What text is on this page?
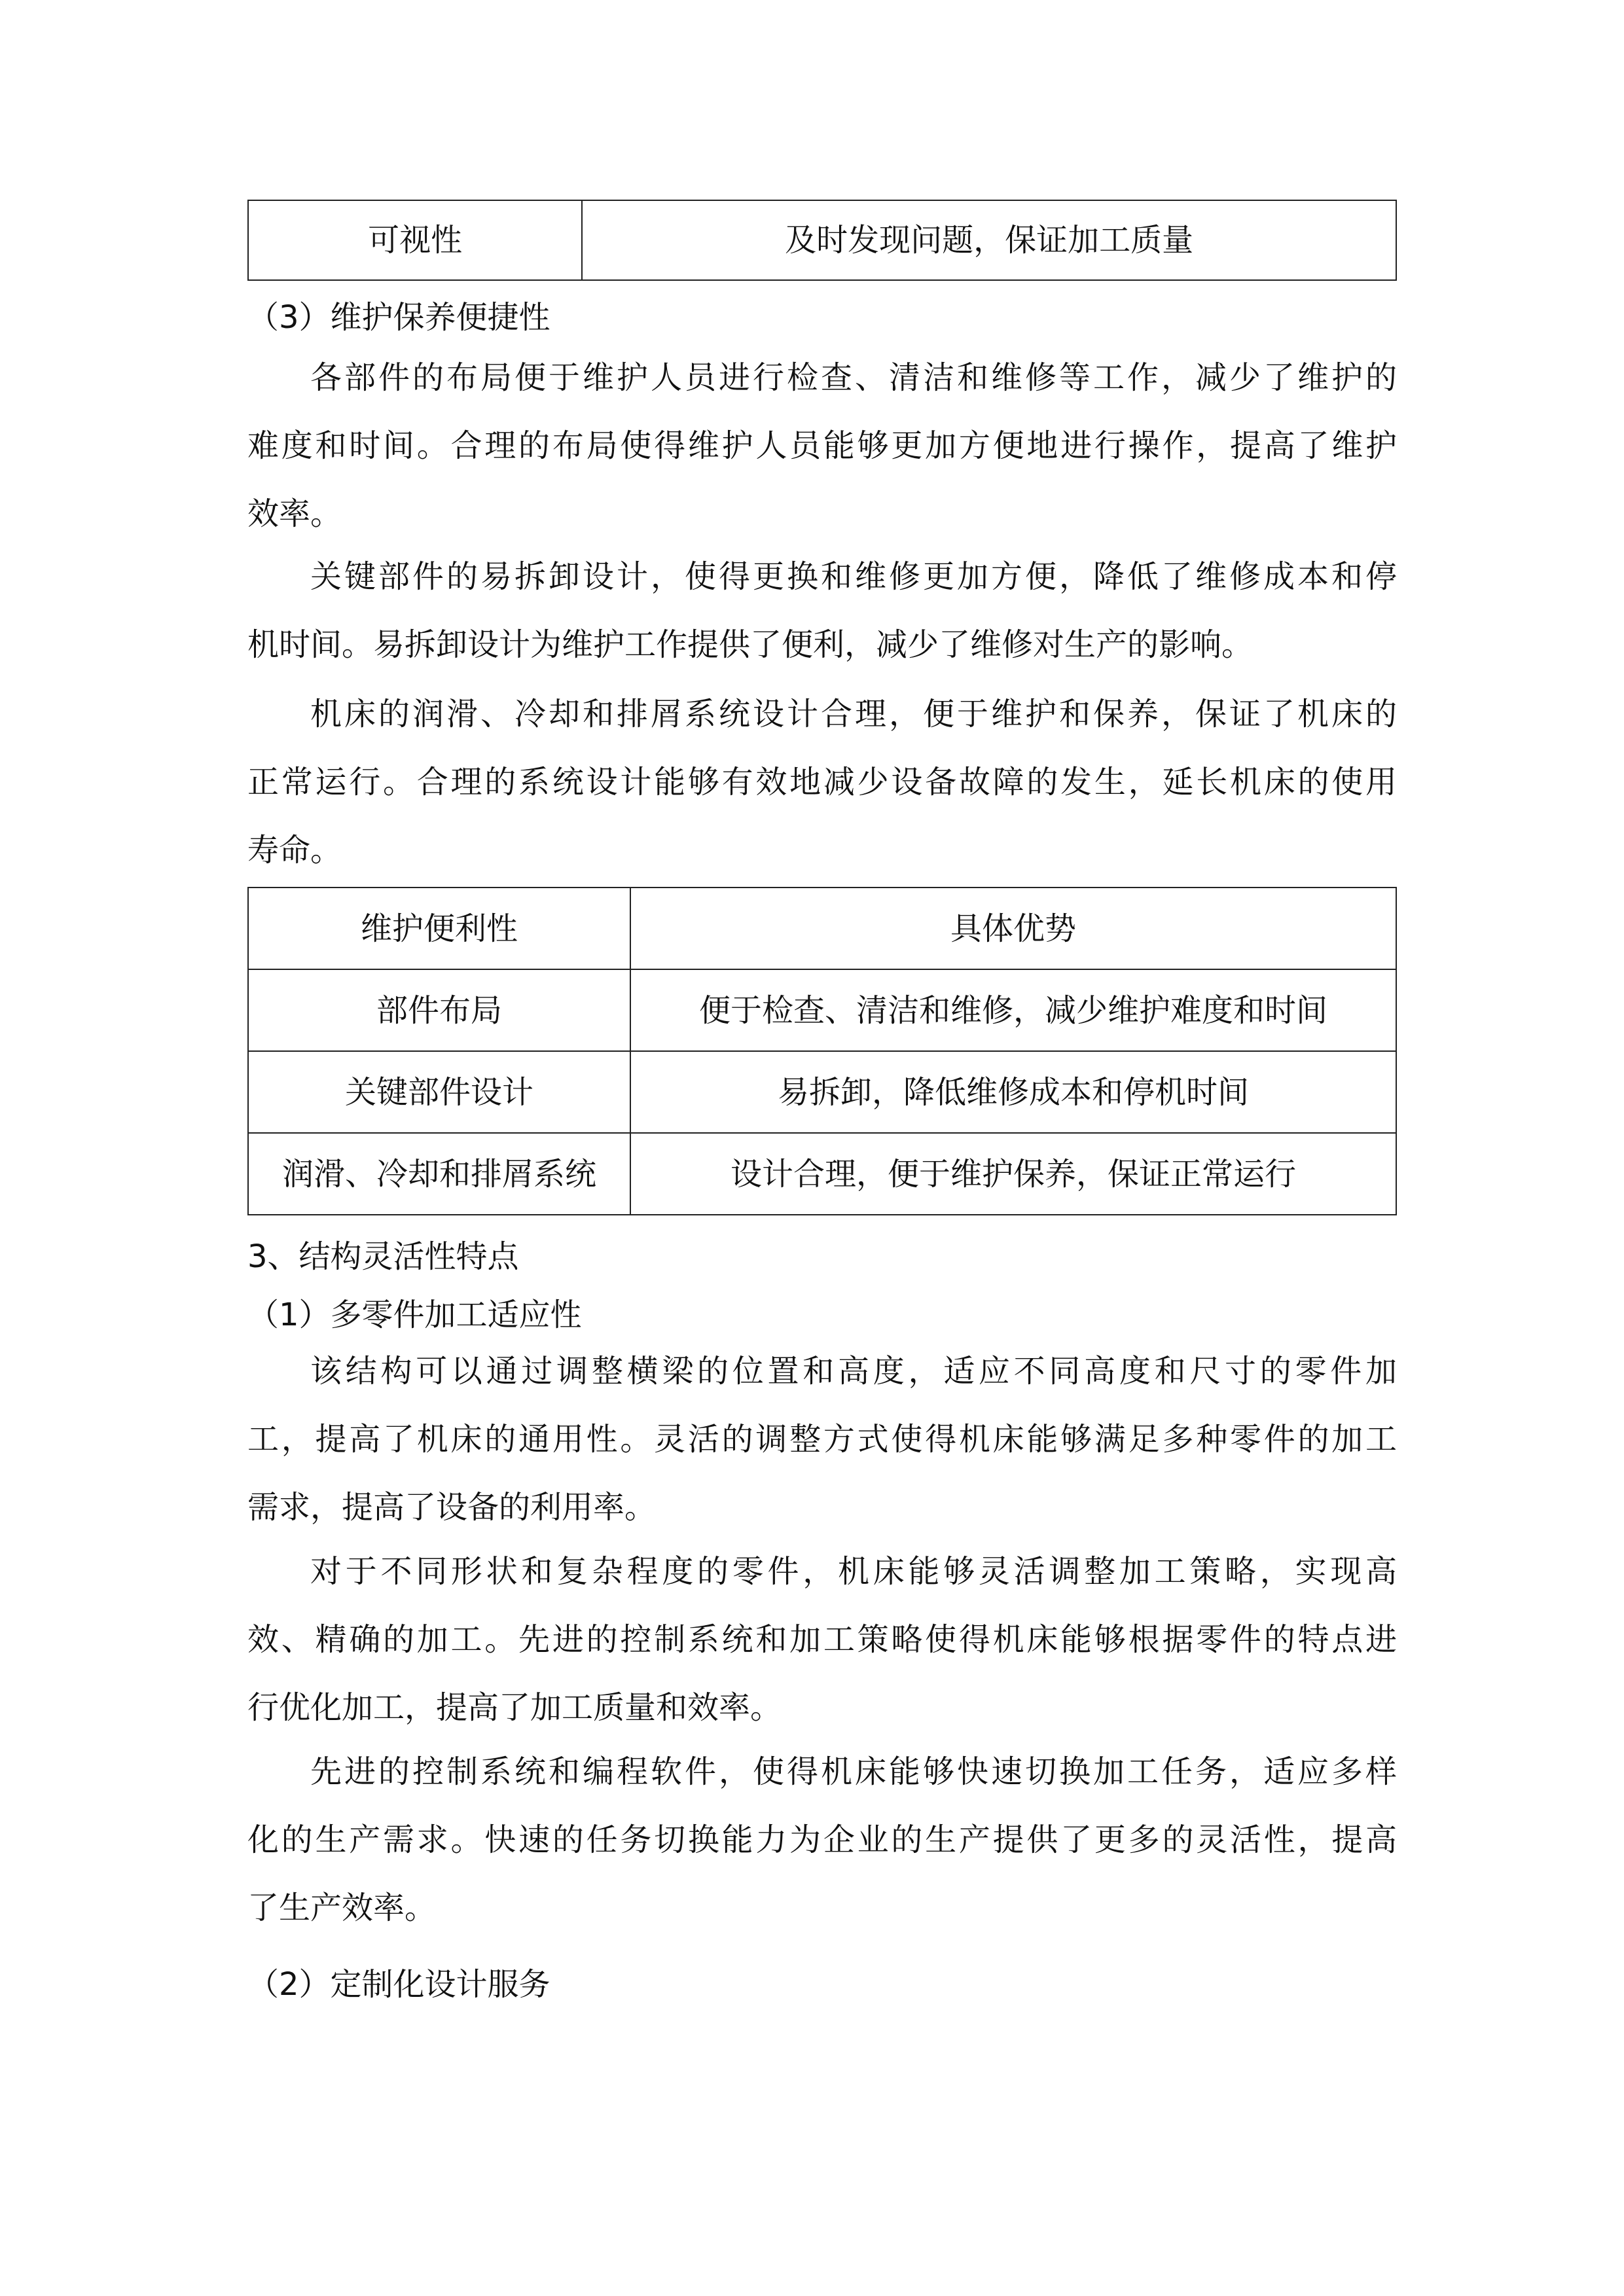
可视性	及时发现问题，保证加工质量
（3）维护保养便捷性
各部件的布局便于维护人员进行检查、清洁和维修等工作，减少了维护的
难度和时间。合理的布局使得维护人员能够更加方便地进行操作，提高了维护
效率。
关键部件的易拆卸设计，使得更换和维修更加方便，降低了维修成本和停
机时间。易拆卸设计为维护工作提供了便利，减少了维修对生产的影响。
机床的润滑、冷却和排屑系统设计合理，便于维护和保养，保证了机床的
正常运行。合理的系统设计能够有效地减少设备故障的发生，延长机床的使用
寿命。
维护便利性	具体优势
部件布局	便于检查、清洁和维修，减少维护难度和时间
关键部件设计	易拆卸，降低维修成本和停机时间
润滑、冷却和排屑系统	设计合理，便于维护保养，保证正常运行
3、结构灵活性特点
（1）多零件加工适应性
该结构可以通过调整横梁的位置和高度，适应不同高度和尺寸的零件加
工，提高了机床的通用性。灵活的调整方式使得机床能够满足多种零件的加工
需求，提高了设备的利用率。
对于不同形状和复杂程度的零件，机床能够灵活调整加工策略，实现高
效、精确的加工。先进的控制系统和加工策略使得机床能够根据零件的特点进
行优化加工，提高了加工质量和效率。
先进的控制系统和编程软件，使得机床能够快速切换加工任务，适应多样
化的生产需求。快速的任务切换能力为企业的生产提供了更多的灵活性，提高
了生产效率。
（2）定制化设计服务
